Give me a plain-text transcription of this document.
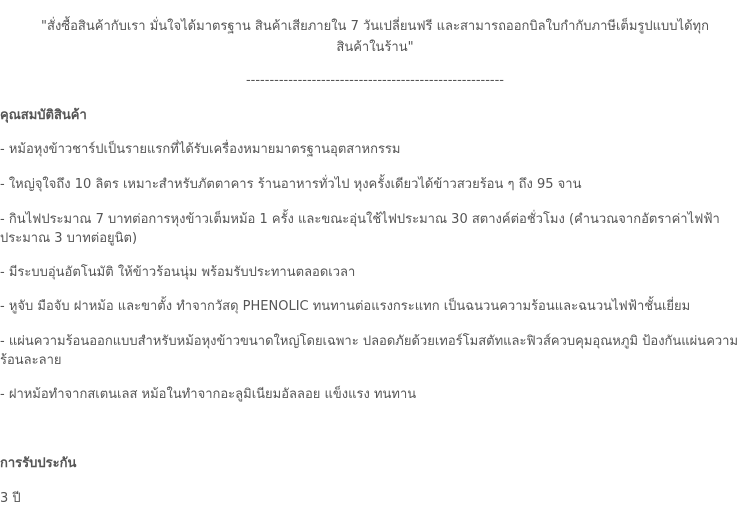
"สั่งซื้อสินค้ากับเรา มั่นใจได้มาตรฐาน สินค้าเสียภายใน 7 วันเปลี่ยนฟรี และสามารถออกบิลใบกำกับภาษีเต็มรูปแบบได้ทุก
สินค้าในร้าน"
-------------------------------------------------------
คุณสมบัติสินค้า
- หม้อหุงข้าวชาร์ปเป็นรายแรกที่ได้รับเครื่องหมายมาตรฐานอุตสาหกรรม
- ใหญ่จุใจถึง 10 ลิตร เหมาะสำหรับภัตตาคาร ร้านอาหารทั่วไป หุงครั้งเดียวได้ข้าวสวยร้อน ๆ ถึง 95 จาน
- กินไฟประมาณ 7 บาทต่อการหุงข้าวเต็มหม้อ 1 ครั้ง และขณะอุ่นใช้ไฟประมาณ 30 สตางค์ต่อชั่วโมง (คำนวณจากอัตราค่าไฟฟ้าประมาณ 3 บาทต่อยูนิต)
- มีระบบอุ่นอัตโนมัติ ให้ข้าวร้อนนุ่ม พร้อมรับประทานตลอดเวลา
- หูจับ มือจับ ฝาหม้อ และขาตั้ง ทำจากวัสดุ PHENOLIC ทนทานต่อแรงกระแทก เป็นฉนวนความร้อนและฉนวนไฟฟ้าชั้นเยี่ยม
- แผ่นความร้อนออกแบบสำหรับหม้อหุงข้าวขนาดใหญ่โดยเฉพาะ ปลอดภัยด้วยเทอร์โมสตัทและฟิวส์ควบคุมอุณหภูมิ ป้องกันแผ่นความร้อนละลาย
- ฝาหม้อทำจากสเตนเลส หม้อในทำจากอะลูมิเนียมอัลลอย แข็งแรง ทนทาน
การรับประกัน
3 ปี
